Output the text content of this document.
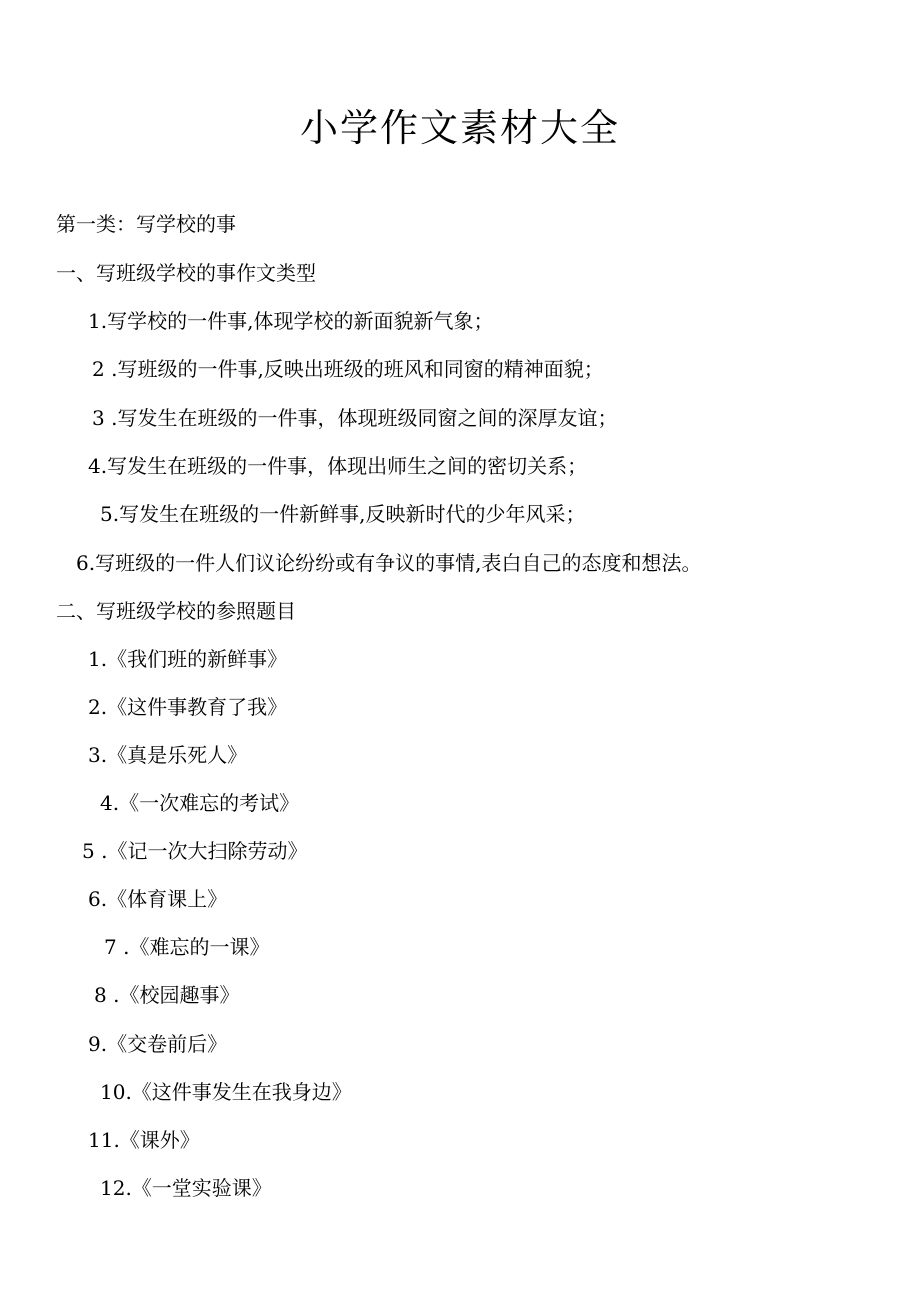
小学作文素材大全
第一类：写学校的事
一、写班级学校的事作文类型
1.写学校的一件事,体现学校的新面貌新气象；
2 .写班级的一件事,反映出班级的班风和同窗的精神面貌；
3 .写发生在班级的一件事，体现班级同窗之间的深厚友谊；
4.写发生在班级的一件事，体现出师生之间的密切关系；
5.写发生在班级的一件新鲜事,反映新时代的少年风采；
6.写班级的一件人们议论纷纷或有争议的事情,表白自己的态度和想法。
二、写班级学校的参照题目
1.《我们班的新鲜事》
2.《这件事教育了我》
3.《真是乐死人》
4.《一次难忘的考试》
5 .《记一次大扫除劳动》
6.《体育课上》
7 .《难忘的一课》
8 .《校园趣事》
9.《交卷前后》
10.《这件事发生在我身边》
11.《课外》
12.《一堂实验课》
